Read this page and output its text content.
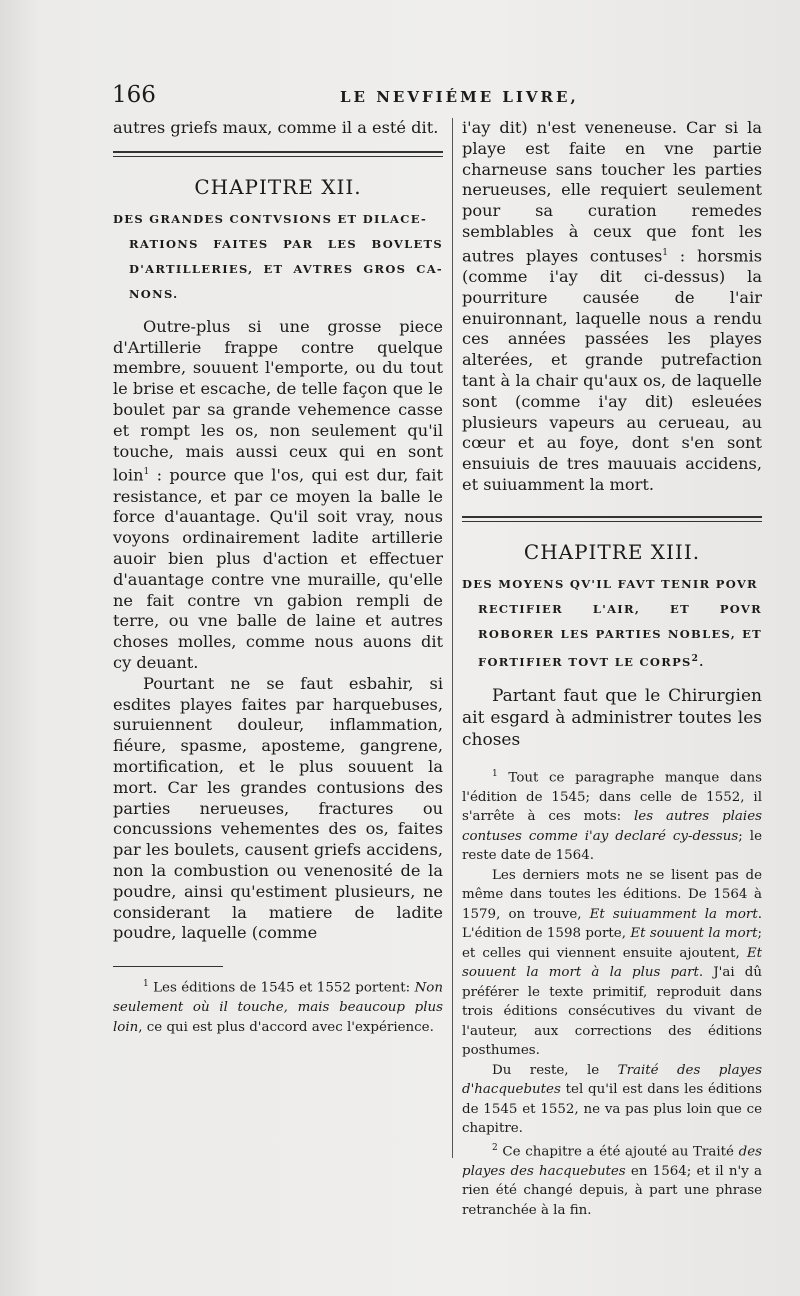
166	LE NEVFIÉME LIVRE,

autres griefs maux, comme il a esté dit.

CHAPITRE XII.
DES GRANDES CONTVSIONS ET DILACE-
RATIONS FAITES PAR LES BOVLETS D'ARTILLERIES, ET AVTRES GROS CA-NONS.

Outre-plus si une grosse piece d'Artillerie frappe contre quelque membre, souuent l'emporte, ou du tout le brise et escache, de telle façon que le boulet par sa grande vehemence casse et rompt les os, non seulement qu'il touche, mais aussi ceux qui en sont loin$^1$ : pource que l'os, qui est dur, fait resistance, et par ce moyen la balle le force d'auantage. Qu'il soit vray, nous voyons ordinairement ladite artillerie auoir bien plus d'action et effectuer d'auantage contre vne muraille, qu'elle ne fait contre vn gabion rempli de terre, ou vne balle de laine et autres choses molles, comme nous auons dit cy deuant.

Pourtant ne se faut esbahir, si esdites playes faites par harquebuses, suruiennent douleur, inflammation, fiéure, spasme, aposteme, gangrene, mortification, et le plus souuent la mort. Car les grandes contusions des parties nerueuses, fractures ou concussions vehementes des os, faites par les boulets, causent griefs accidens, non la combustion ou venenosité de la poudre, ainsi qu'estiment plusieurs, ne considerant la matiere de ladite poudre, laquelle (comme

$^1$ Les éditions de 1545 et 1552 portent: Non seulement où il touche, mais beaucoup plus loin, ce qui est plus d'accord avec l'expérience.

i'ay dit) n'est veneneuse. Car si la playe est faite en vne partie charneuse sans toucher les parties nerueuses, elle requiert seulement pour sa curation remedes semblables à ceux que font les autres playes contuses$^1$ : horsmis (comme i'ay dit ci-dessus) la pourriture causée de l'air enuironnant, laquelle nous a rendu ces années passées les playes alterées, et grande putrefaction tant à la chair qu'aux os, de laquelle sont (comme i'ay dit) esleuées plusieurs vapeurs au cerueau, au cœur et au foye, dont s'en sont ensuiuis de tres mauuais accidens, et suiuamment la mort.

CHAPITRE XIII.
DES MOYENS QV'IL FAVT TENIR POVR
RECTIFIER L'AIR, ET POVR ROBORER LES PARTIES NOBLES, ET FORTIFIER TOVT LE CORPS$^2$.

Partant faut que le Chirurgien ait esgard à administrer toutes les choses

$^1$ Tout ce paragraphe manque dans l'édition de 1545; dans celle de 1552, il s'arrête à ces mots: les autres plaies contuses comme i'ay declaré cy-dessus; le reste date de 1564.

Les derniers mots ne se lisent pas de même dans toutes les éditions. De 1564 à 1579, on trouve, Et suiuamment la mort. L'édition de 1598 porte, Et souuent la mort; et celles qui viennent ensuite ajoutent, Et souuent la mort à la plus part. J'ai dû préférer le texte primitif, reproduit dans trois éditions consécutives du vivant de l'auteur, aux corrections des éditions posthumes.

Du reste, le Traité des playes d'hacquebutes tel qu'il est dans les éditions de 1545 et 1552, ne va pas plus loin que ce chapitre.

$^2$ Ce chapitre a été ajouté au Traité des playes des hacquebutes en 1564; et il n'y a rien été changé depuis, à part une phrase retranchée à la fin.
